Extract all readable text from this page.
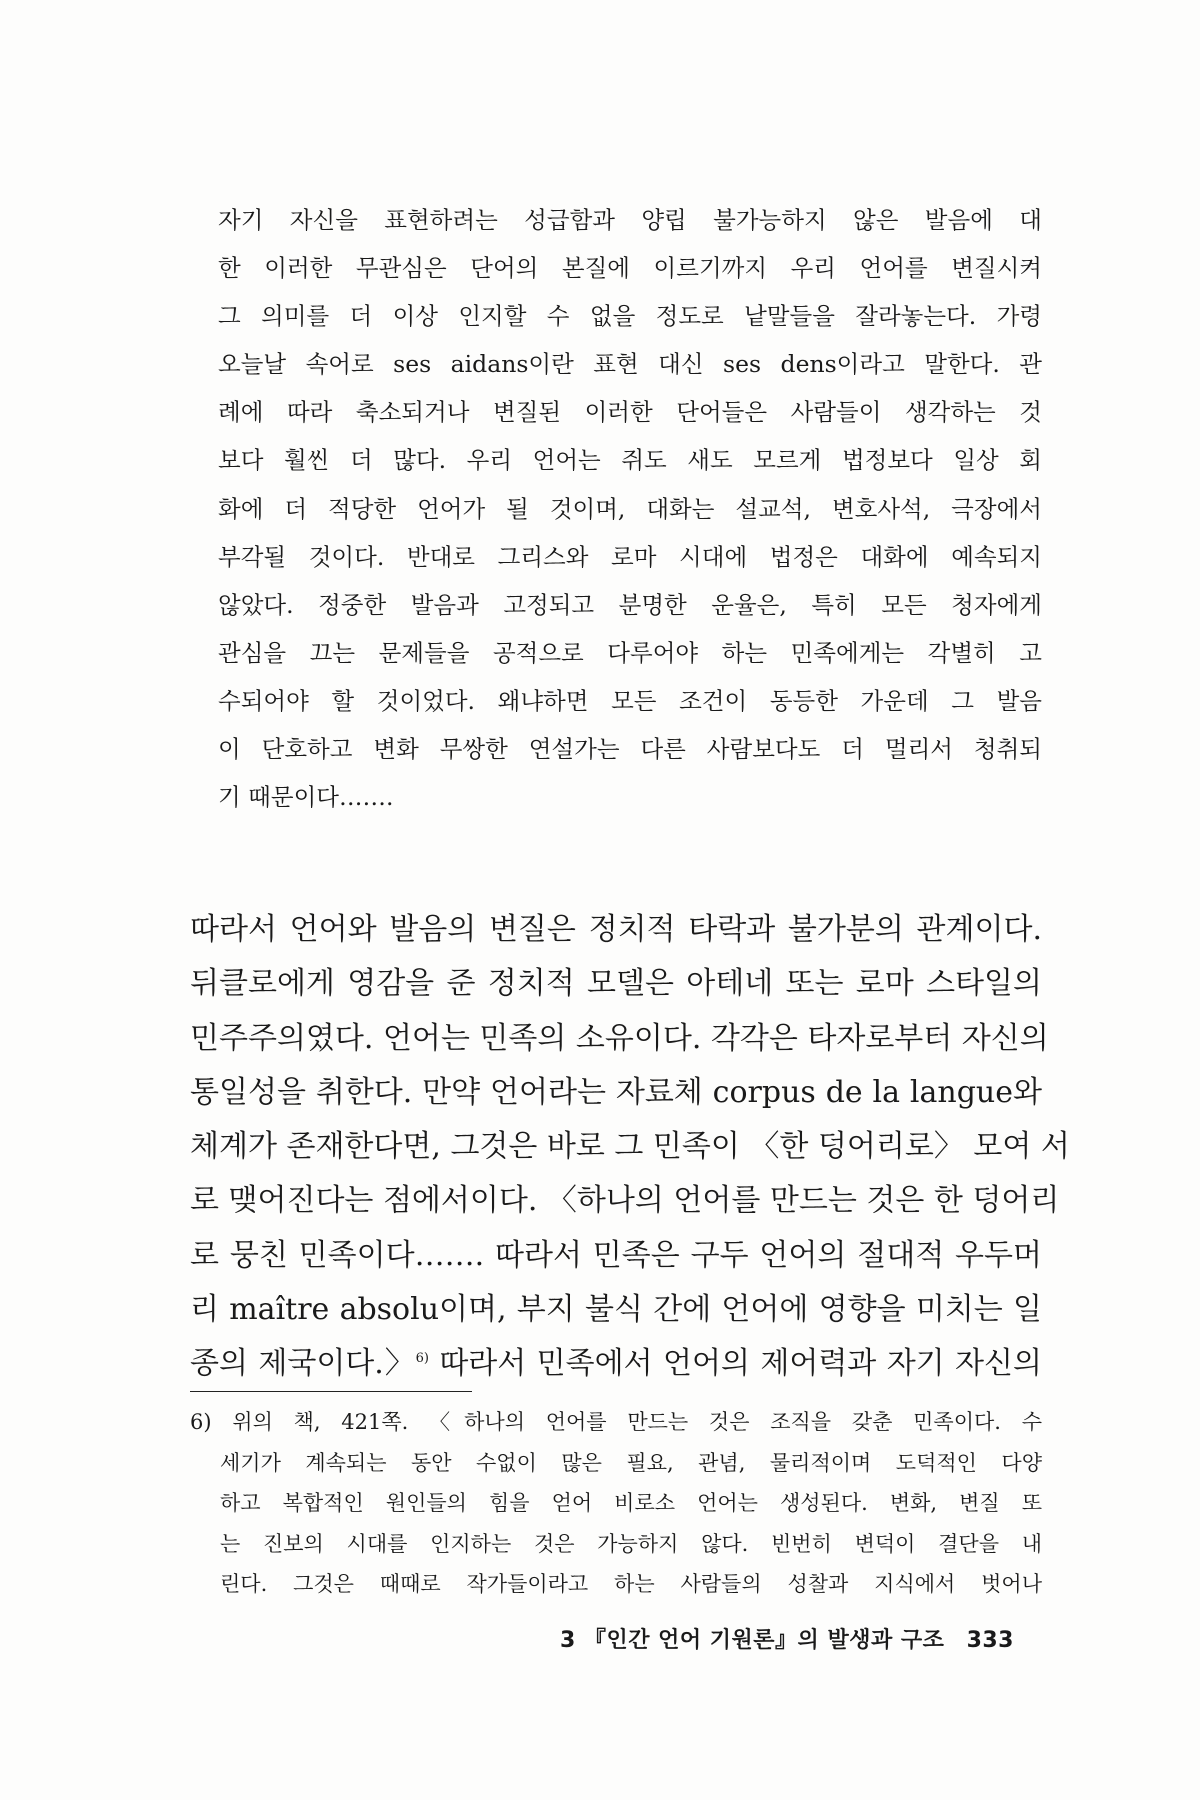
자기 자신을 표현하려는 성급함과 양립 불가능하지 않은 발음에 대
한 이러한 무관심은 단어의 본질에 이르기까지 우리 언어를 변질시켜
그 의미를 더 이상 인지할 수 없을 정도로 낱말들을 잘라놓는다. 가령
오늘날 속어로 ses aidans이란 표현 대신 ses dens이라고 말한다. 관
례에 따라 축소되거나 변질된 이러한 단어들은 사람들이 생각하는 것
보다 훨씬 더 많다. 우리 언어는 쥐도 새도 모르게 법정보다 일상 회
화에 더 적당한 언어가 될 것이며, 대화는 설교석, 변호사석, 극장에서
부각될 것이다. 반대로 그리스와 로마 시대에 법정은 대화에 예속되지
않았다. 정중한 발음과 고정되고 분명한 운율은, 특히 모든 청자에게
관심을 끄는 문제들을 공적으로 다루어야 하는 민족에게는 각별히 고
수되어야 할 것이었다. 왜냐하면 모든 조건이 동등한 가운데 그 발음
이 단호하고 변화 무쌍한 연설가는 다른 사람보다도 더 멀리서 청취되
기 때문이다…….
따라서 언어와 발음의 변질은 정치적 타락과 불가분의 관계이다.
뒤클로에게 영감을 준 정치적 모델은 아테네 또는 로마 스타일의
민주주의였다. 언어는 민족의 소유이다. 각각은 타자로부터 자신의
통일성을 취한다. 만약 언어라는 자료체 corpus de la langue와
체계가 존재한다면, 그것은 바로 그 민족이 〈한 덩어리로〉 모여 서
로 맺어진다는 점에서이다. 〈하나의 언어를 만드는 것은 한 덩어리
로 뭉친 민족이다……. 따라서 민족은 구두 언어의 절대적 우두머
리 maître absolu이며, 부지 불식 간에 언어에 영향을 미치는 일
종의 제국이다.〉$^{6)}$ 따라서 민족에서 언어의 제어력과 자기 자신의
6) 위의 책, 421쪽. 〈하나의 언어를 만드는 것은 조직을 갖춘 민족이다. 수
세기가 계속되는 동안 수없이 많은 필요, 관념, 물리적이며 도덕적인 다양
하고 복합적인 원인들의 힘을 얻어 비로소 언어는 생성된다. 변화, 변질 또
는 진보의 시대를 인지하는 것은 가능하지 않다. 빈번히 변덕이 결단을 내
린다. 그것은 때때로 작가들이라고 하는 사람들의 성찰과 지식에서 벗어나
3 『인간 언어 기원론』의 발생과 구조 333
